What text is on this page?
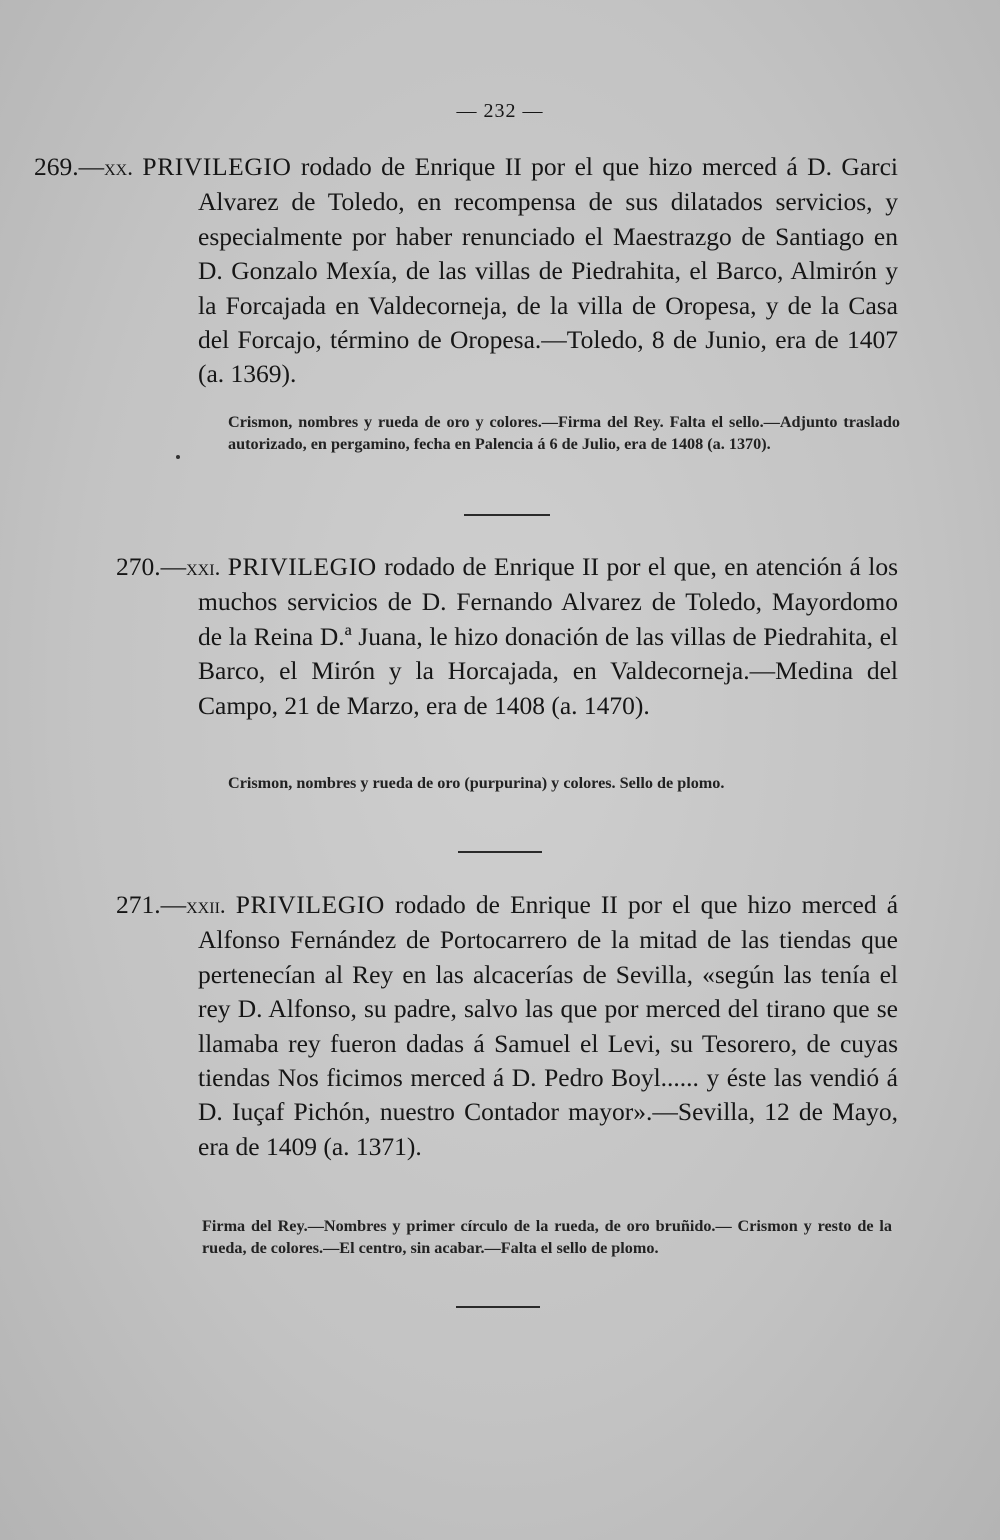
— 232 —
269.—xx. PRIVILEGIO rodado de Enrique II por el que hizo merced á D. Garci Alvarez de Toledo, en recompensa de sus dilatados servicios, y especialmente por haber renunciado el Maestrazgo de Santiago en D. Gonzalo Mexía, de las villas de Piedrahita, el Barco, Almirón y la Forcajada en Valdecorneja, de la villa de Oropesa, y de la Casa del Forcajo, término de Oropesa.—Toledo, 8 de Junio, era de 1407 (a. 1369).
Crismon, nombres y rueda de oro y colores.—Firma del Rey. Falta el sello.—Adjunto traslado autorizado, en pergamino, fecha en Palencia á 6 de Julio, era de 1408 (a. 1370).
270.—xxi. PRIVILEGIO rodado de Enrique II por el que, en atención á los muchos servicios de D. Fernando Alvarez de Toledo, Mayordomo de la Reina D.ª Juana, le hizo donación de las villas de Piedrahita, el Barco, el Mirón y la Horcajada, en Valdecorneja.—Medina del Campo, 21 de Marzo, era de 1408 (a. 1470).
Crismon, nombres y rueda de oro (purpurina) y colores. Sello de plomo.
271.—xxii. PRIVILEGIO rodado de Enrique II por el que hizo merced á Alfonso Fernández de Portocarrero de la mitad de las tiendas que pertenecían al Rey en las alcacerías de Sevilla, «según las tenía el rey D. Alfonso, su padre, salvo las que por merced del tirano que se llamaba rey fueron dadas á Samuel el Levi, su Tesorero, de cuyas tiendas Nos ficimos merced á D. Pedro Boyl...... y éste las vendió á D. Iuçaf Pichón, nuestro Contador mayor».—Sevilla, 12 de Mayo, era de 1409 (a. 1371).
Firma del Rey.—Nombres y primer círculo de la rueda, de oro bruñido.— Crismon y resto de la rueda, de colores.—El centro, sin acabar.—Falta el sello de plomo.
